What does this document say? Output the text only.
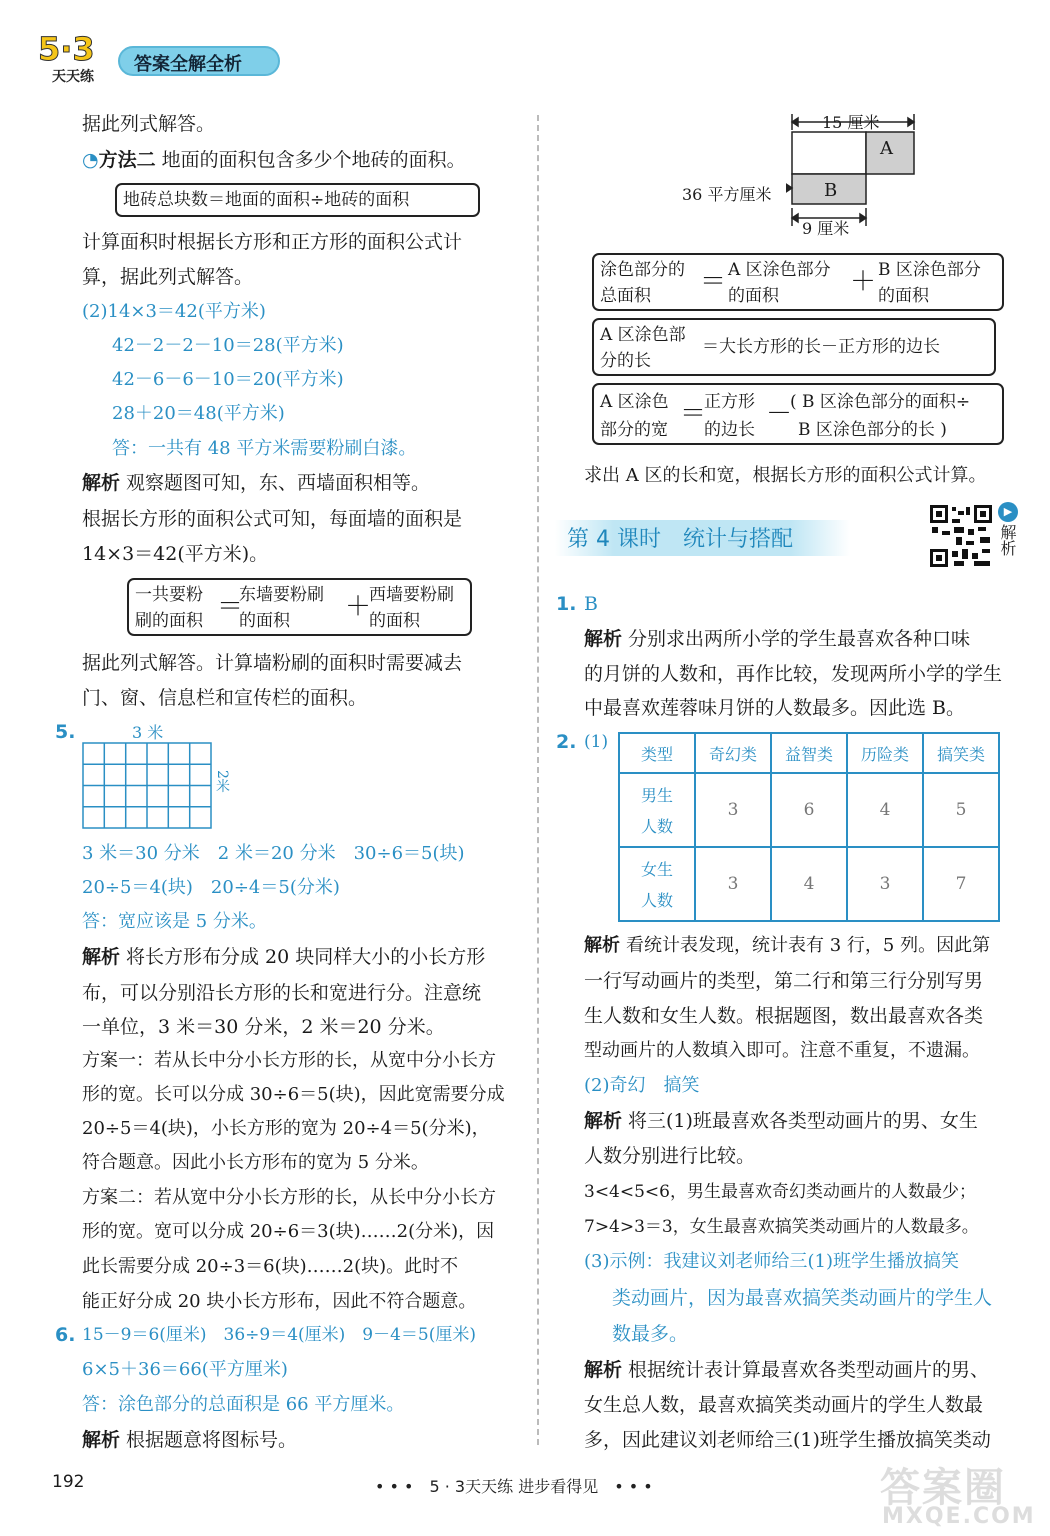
5·3
天天练
答案全解全析
据此列式解答。
◔方法二 地面的面积包含多少个地砖的面积。
地砖总块数＝地面的面积÷地砖的面积
计算面积时根据长方形和正方形的面积公式计
算，据此列式解答。
(2)14×3＝42(平方米)
42－2－2－10＝28(平方米)
42－6－6－10＝20(平方米)
28＋20＝48(平方米)
答：一共有 48 平方米需要粉刷白漆。
解析 观察题图可知，东、西墙面积相等。
根据长方形的面积公式可知，每面墙的面积是
14×3＝42(平方米)。
一共要粉
刷的面积 ＝
东墙要粉刷
的面积 ＋
西墙要粉刷
的面积
据此列式解答。计算墙粉刷的面积时需要减去
门、窗、信息栏和宣传栏的面积。
5.	3 米
2米
3 米＝30 分米　2 米＝20 分米　30÷6＝5(块)
20÷5＝4(块)　20÷4＝5(分米)
答：宽应该是 5 分米。
解析 将长方形布分成 20 块同样大小的小长方形
布，可以分别沿长方形的长和宽进行分。注意统
一单位，3 米＝30 分米，2 米＝20 分米。
方案一：若从长中分小长方形的长，从宽中分小长方
形的宽。长可以分成 30÷6＝5(块)，因此宽需要分成
20÷5＝4(块)，小长方形的宽为 20÷4＝5(分米)，
符合题意。因此小长方形布的宽为 5 分米。
方案二：若从宽中分小长方形的长，从长中分小长方
形的宽。宽可以分成 20÷6＝3(块)……2(分米)，因
此长需要分成 20÷3＝6(块)……2(块)。此时不
能正好分成 20 块小长方形布，因此不符合题意。
6. 15－9＝6(厘米)　36÷9＝4(厘米)　9－4＝5(厘米)
6×5＋36＝66(平方厘米)
答：涂色部分的总面积是 66 平方厘米。
解析 根据题意将图标号。
192
15 厘米
36 平方厘米
9 厘米
A
B
涂色部分的
总面积 ＝ A 区涂色部分
的面积	＋ B 区涂色部分
的面积
A 区涂色部
分的长
＝大长方形的长－正方形的边长
A 区涂色
部分的宽
＝
正方形
的边长
－
( B 区涂色部分的面积÷
B 区涂色部分的长 )
求出 A 区的长和宽，根据长方形的面积公式计算。
第 4 课时　统计与搭配
▶
解析
1. B
解析 分别求出两所小学的学生最喜欢各种口味
的月饼的人数和，再作比较，发现两所小学的学生
中最喜欢莲蓉味月饼的人数最多。因此选 B。
2. (1)
类型	奇幻类	益智类	历险类	搞笑类

男生
人数	3	6	4	5

女生
人数	3	4	3	7
解析 看统计表发现，统计表有 3 行，5 列。因此第
一行写动画片的类型，第二行和第三行分别写男
生人数和女生人数。根据题图，数出最喜欢各类
型动画片的人数填入即可。注意不重复，不遗漏。
(2)奇幻　搞笑
解析 将三(1)班最喜欢各类型动画片的男、女生
人数分别进行比较。
3<4<5<6，男生最喜欢奇幻类动画片的人数最少；
7>4>3＝3，女生最喜欢搞笑类动画片的人数最多。
(3)示例：我建议刘老师给三(1)班学生播放搞笑
类动画片，因为最喜欢搞笑类动画片的学生人
数最多。
解析 根据统计表计算最喜欢各类型动画片的男、
女生总人数，最喜欢搞笑类动画片的学生人数最
多，因此建议刘老师给三(1)班学生播放搞笑类动
• • •　5 · 3天天练 进步看得见　• • •	答案圈
MXQE.COM
